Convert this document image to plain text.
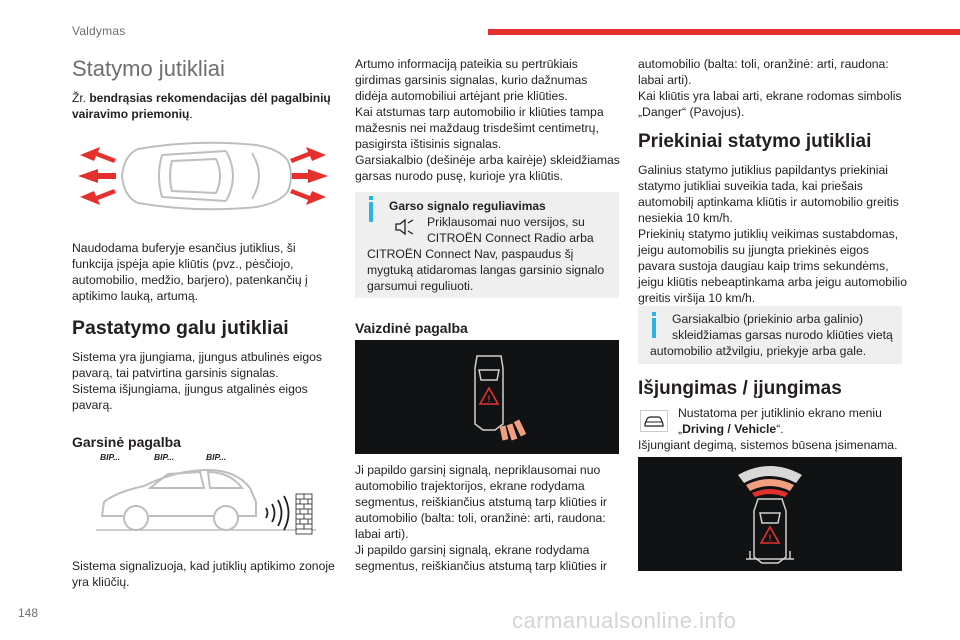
Valdymas
Statymo jutikliai

Žr. bendrąsias rekomendacijas dėl pagalbinių vairavimo priemonių.

Naudodama buferyje esančius jutiklius, ši funkcija įspėja apie kliūtis (pvz., pėsčiojo, automobilio, medžio, barjero), patenkančių į aptikimo lauką, artumą.

Pastatymo galu jutikliai

Sistema yra įjungiama, įjungus atbulinės eigos pavarą, tai patvirtina garsinis signalas.
Sistema išjungiama, įjungus atgalinės eigos pavarą.

Garsinė pagalba
BIP...	BIP...	BIP...

Sistema signalizuoja, kad jutiklių aptikimo zonoje yra kliūčių.

Artumo informaciją pateikia su pertrūkiais girdimas garsinis signalas, kurio dažnumas didėja automobiliui artėjant prie kliūties.
Kai atstumas tarp automobilio ir kliūties tampa mažesnis nei maždaug trisdešimt centimetrų, pasigirsta ištisinis signalas.
Garsiakalbio (dešinėje arba kairėje) skleidžiamas garsas nurodo pusę, kurioje yra kliūtis.

Garso signalo reguliavimas
Priklausomai nuo versijos, su CITROËN Connect Radio arba
CITROËN Connect Nav, paspaudus šį mygtuką atidaromas langas garsinio signalo garsumui reguliuoti.
Vaizdinė pagalba
!

Ji papildo garsinį signalą, nepriklausomai nuo automobilio trajektorijos, ekrane rodydama segmentus, reiškiančius atstumą tarp kliūties ir automobilio (balta: toli, oranžinė: arti, raudona: labai arti).
Ji papildo garsinį signalą, ekrane rodydama segmentus, reiškiančius atstumą tarp kliūties ir

automobilio (balta: toli, oranžinė: arti, raudona: labai arti).
Kai kliūtis yra labai arti, ekrane rodomas simbolis „Danger“ (Pavojus).

Priekiniai statymo jutikliai

Galinius statymo jutiklius papildantys priekiniai statymo jutikliai suveikia tada, kai priešais automobilį aptinkama kliūtis ir automobilio greitis nesiekia 10 km/h.
Priekinių statymo jutiklių veikimas sustabdomas, jeigu automobilis su įjungta priekinės eigos pavara sustoja daugiau kaip trims sekundėms, jeigu kliūtis nebeaptinkama arba jeigu automobilio greitis viršija 10 km/h.

Garsiakalbio (priekinio arba galinio) skleidžiamas garsas nurodo kliūties vietą
automobilio atžvilgiu, priekyje arba gale.
Išjungimas / įjungimas
Nustatoma per jutiklinio ekrano meniu „Driving / Vehicle“.
Išjungiant degimą, sistemos būsena įsimenama.
!
148	carmanualsonline.info
